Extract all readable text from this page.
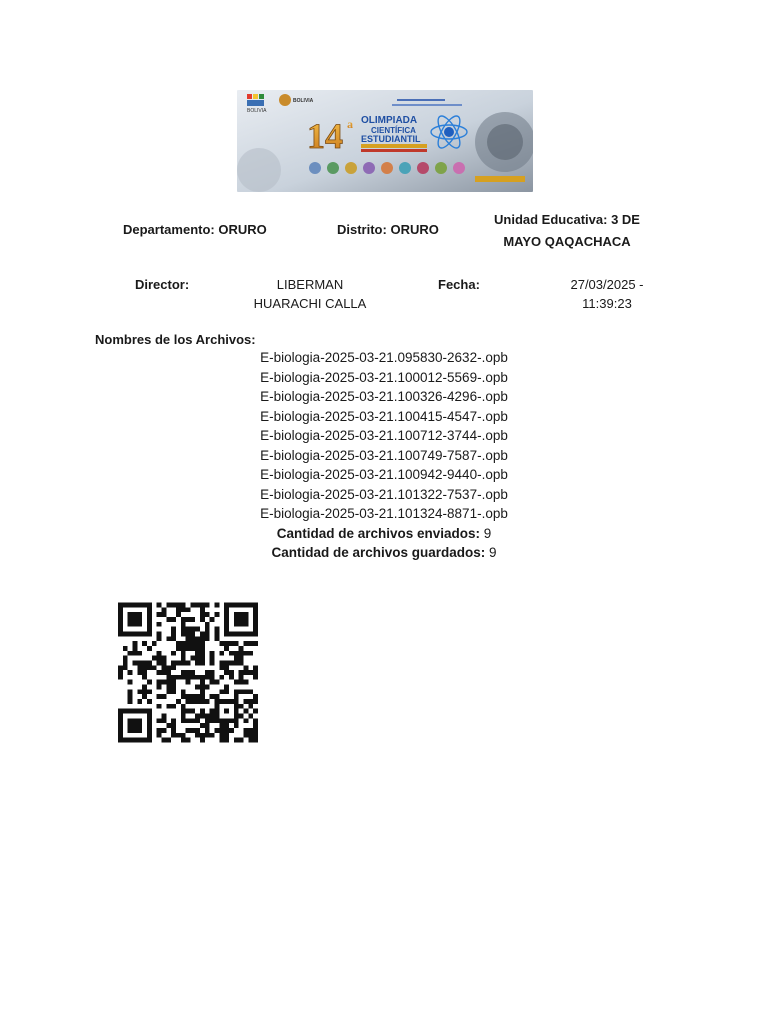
BOLIVIA
BOLIVIA
14 a OLIMPIADA
CIENTÍFICA
ESTUDIANTIL
Departamento: ORURO	Distrito: ORURO
Unidad Educativa: 3 DE
MAYO QAQACHACA
Director:	LIBERMAN
HUARACHI CALLA
Fecha:	27/03/2025 -
11:39:23
Nombres de los Archivos:
E-biologia-2025-03-21.095830-2632-.opb
E-biologia-2025-03-21.100012-5569-.opb
E-biologia-2025-03-21.100326-4296-.opb
E-biologia-2025-03-21.100415-4547-.opb
E-biologia-2025-03-21.100712-3744-.opb
E-biologia-2025-03-21.100749-7587-.opb
E-biologia-2025-03-21.100942-9440-.opb
E-biologia-2025-03-21.101322-7537-.opb
E-biologia-2025-03-21.101324-8871-.opb
Cantidad de archivos enviados: 9
Cantidad de archivos guardados: 9
